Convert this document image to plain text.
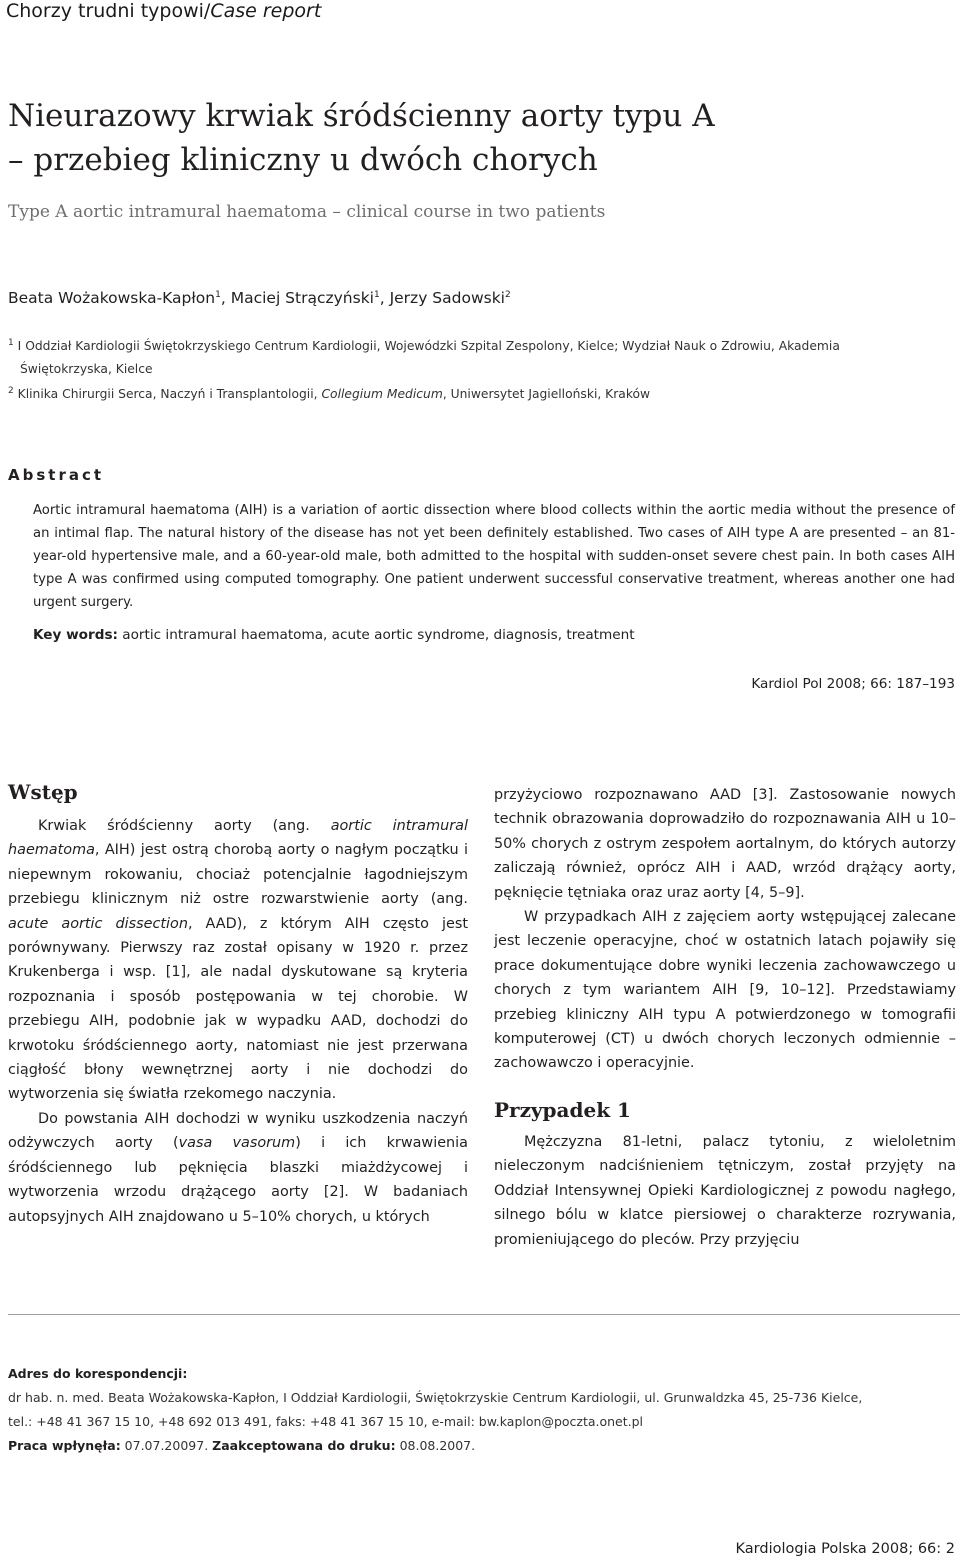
Chorzy trudni typowi/Case report
Nieurazowy krwiak śródścienny aorty typu A
– przebieg kliniczny u dwóch chorych
Type A aortic intramural haematoma – clinical course in two patients
Beata Wożakowska-Kapłon$^1$, Maciej Strączyński$^1$, Jerzy Sadowski$^2$
$^1$ I Oddział Kardiologii Świętokrzyskiego Centrum Kardiologii, Wojewódzki Szpital Zespolony, Kielce; Wydział Nauk o Zdrowiu, Akademia
Świętokrzyska, Kielce
$^2$ Klinika Chirurgii Serca, Naczyń i Transplantologii, Collegium Medicum, Uniwersytet Jagielloński, Kraków
Abstract
Aortic intramural haematoma (AIH) is a variation of aortic dissection where blood collects within the aortic media without the presence of an intimal flap. The natural history of the disease has not yet been definitely established. Two cases of AIH type A are presented – an 81-year-old hypertensive male, and a 60-year-old male, both admitted to the hospital with sudden-onset severe chest pain. In both cases AIH type A was confirmed using computed tomography. One patient underwent successful conservative treatment, whereas another one had urgent surgery.
Key words: aortic intramural haematoma, acute aortic syndrome, diagnosis, treatment
Kardiol Pol 2008; 66: 187–193
Wstęp

Krwiak śródścienny aorty (ang. aortic intramural haematoma, AIH) jest ostrą chorobą aorty o nagłym początku i niepewnym rokowaniu, chociaż potencjalnie łagodniejszym przebiegu klinicznym niż ostre rozwarstwienie aorty (ang. acute aortic dissection, AAD), z którym AIH często jest porównywany. Pierwszy raz został opisany w 1920 r. przez Krukenberga i wsp. [1], ale nadal dyskutowane są kryteria rozpoznania i sposób postępowania w tej chorobie. W przebiegu AIH, podobnie jak w wypadku AAD, dochodzi do krwotoku śródściennego aorty, natomiast nie jest przerwana ciągłość błony wewnętrznej aorty i nie dochodzi do wytworzenia się światła rzekomego naczynia.

Do powstania AIH dochodzi w wyniku uszkodzenia naczyń odżywczych aorty (vasa vasorum) i ich krwawienia śródściennego lub pęknięcia blaszki miażdżycowej i wytworzenia wrzodu drążącego aorty [2]. W badaniach autopsyjnych AIH znajdowano u 5–10% chorych, u których

przyżyciowo rozpoznawano AAD [3]. Zastosowanie nowych technik obrazowania doprowadziło do rozpoznawania AIH u 10–50% chorych z ostrym zespołem aortalnym, do których autorzy zaliczają również, oprócz AIH i AAD, wrzód drążący aorty, pęknięcie tętniaka oraz uraz aorty [4, 5–9].

W przypadkach AIH z zajęciem aorty wstępującej zalecane jest leczenie operacyjne, choć w ostatnich latach pojawiły się prace dokumentujące dobre wyniki leczenia zachowawczego u chorych z tym wariantem AIH [9, 10–12]. Przedstawiamy przebieg kliniczny AIH typu A potwierdzonego w tomografii komputerowej (CT) u dwóch chorych leczonych odmiennie – zachowawczo i operacyjnie.

Przypadek 1

Mężczyzna 81-letni, palacz tytoniu, z wieloletnim nieleczonym nadciśnieniem tętniczym, został przyjęty na Oddział Intensywnej Opieki Kardiologicznej z powodu nagłego, silnego bólu w klatce piersiowej o charakterze rozrywania, promieniującego do pleców. Przy przyjęciu

Adres do korespondencji:
dr hab. n. med. Beata Wożakowska-Kapłon, I Oddział Kardiologii, Świętokrzyskie Centrum Kardiologii, ul. Grunwaldzka 45, 25-736 Kielce,
tel.: +48 41 367 15 10, +48 692 013 491, faks: +48 41 367 15 10, e-mail: bw.kaplon@poczta.onet.pl
Praca wpłynęła: 07.07.20097. Zaakceptowana do druku: 08.08.2007.
Kardiologia Polska 2008; 66: 2
